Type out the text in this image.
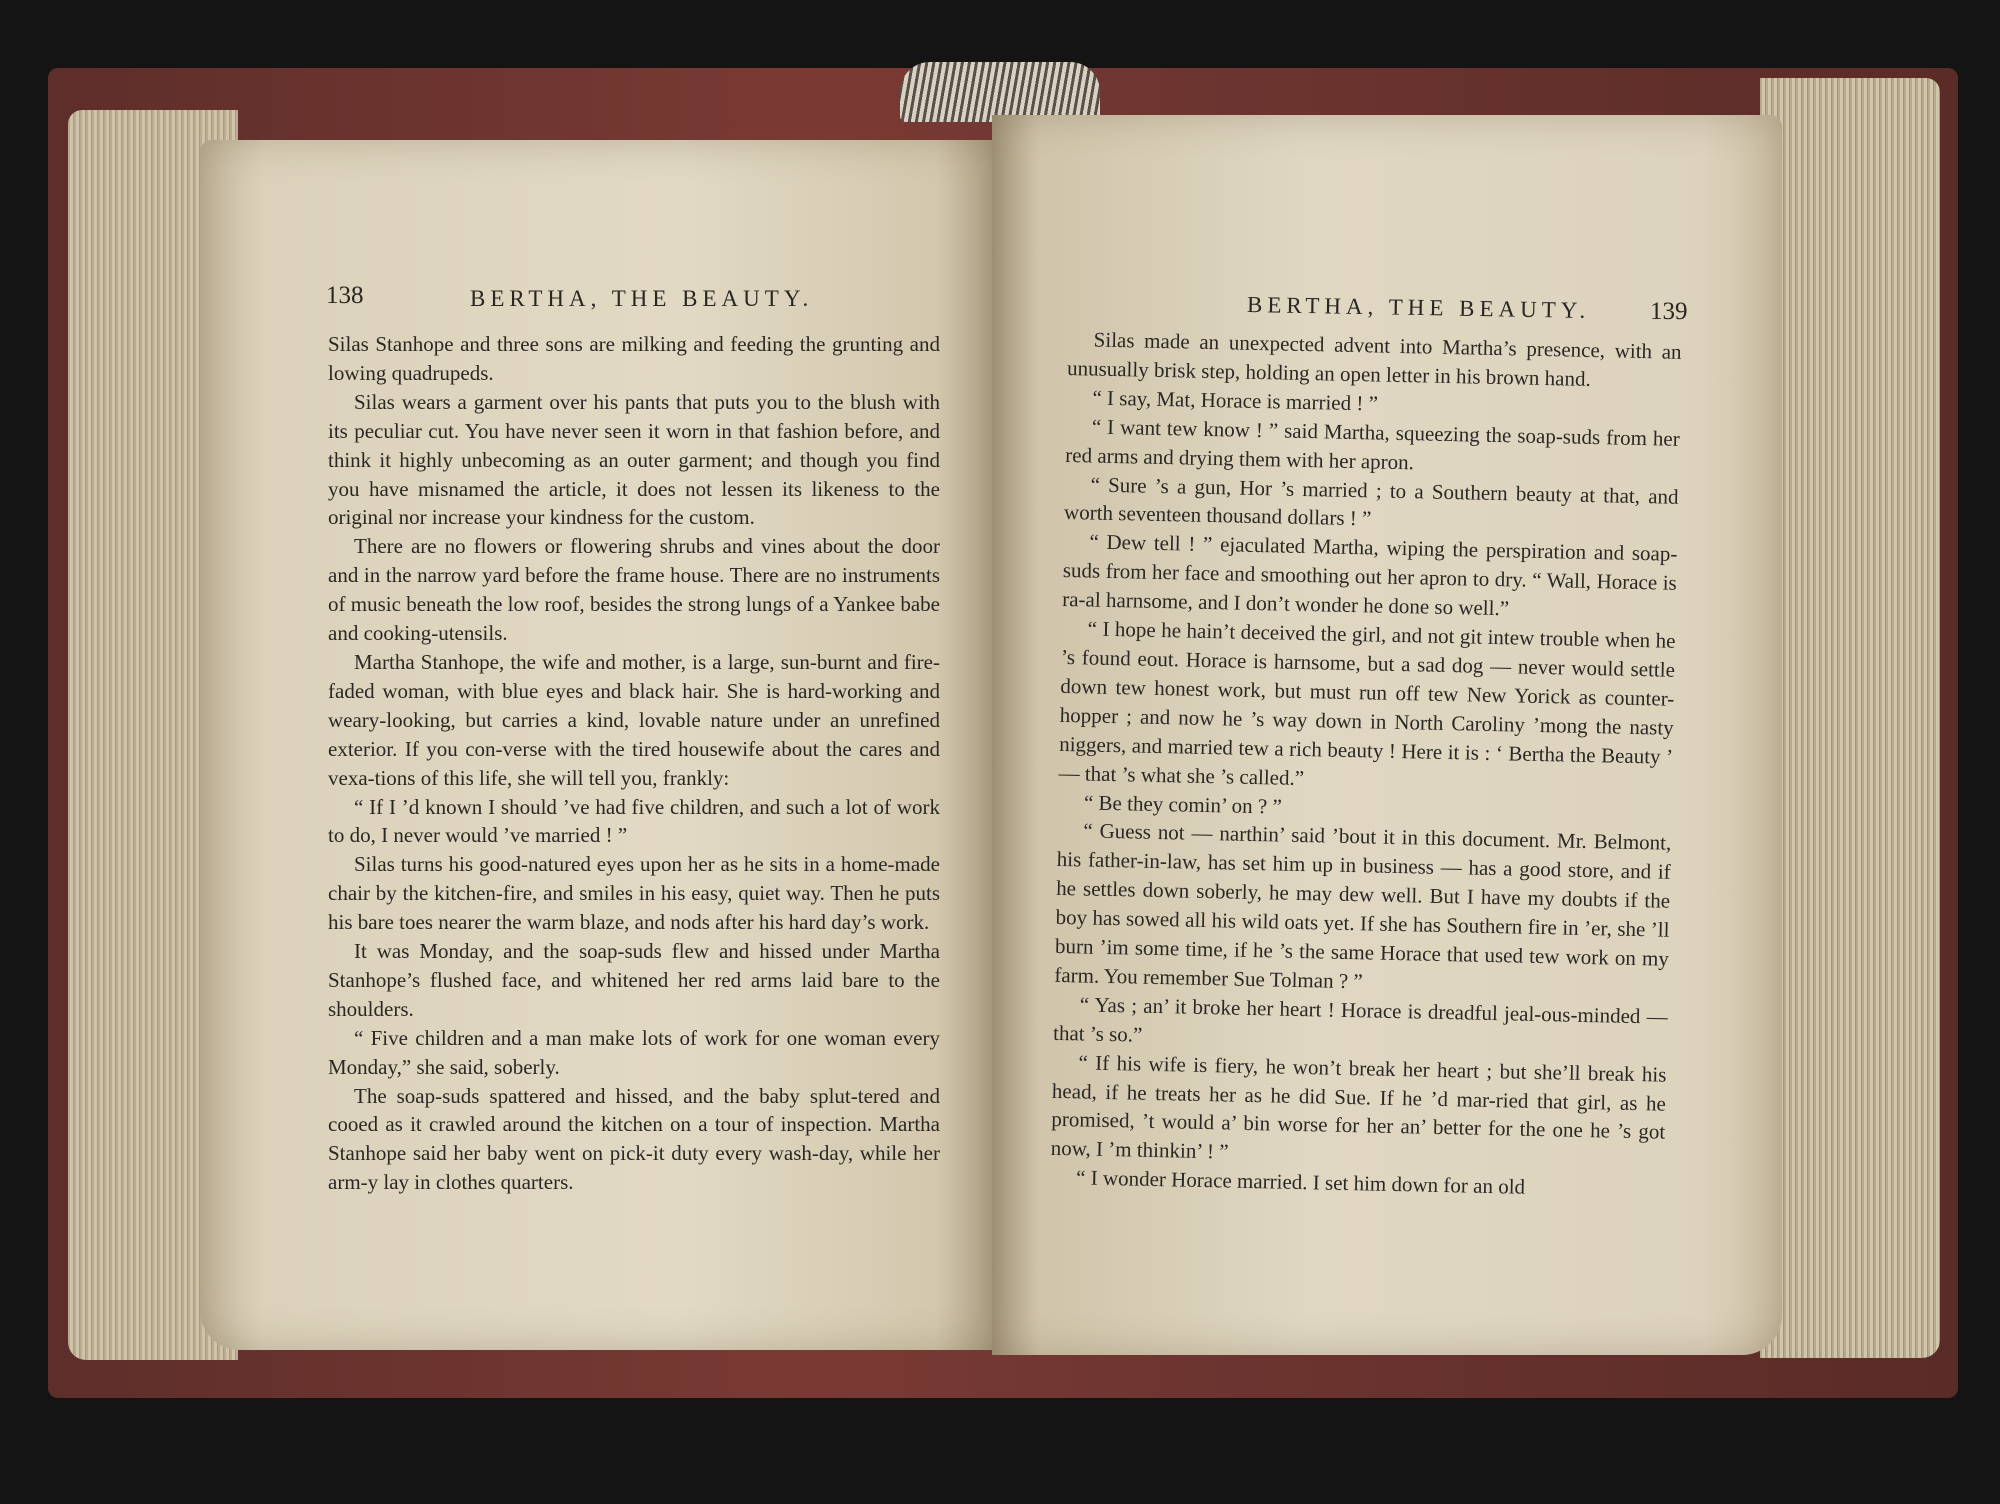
138	BERTHA, THE BEAUTY.

Silas Stanhope and three sons are milking and feeding the grunting and lowing quadrupeds.

Silas wears a garment over his pants that puts you to the blush with its peculiar cut. You have never seen it worn in that fashion before, and think it highly unbecoming as an outer garment; and though you find you have misnamed the article, it does not lessen its likeness to the original nor increase your kindness for the custom.

There are no flowers or flowering shrubs and vines about the door and in the narrow yard before the frame house. There are no instruments of music beneath the low roof, besides the strong lungs of a Yankee babe and cooking-utensils.

Martha Stanhope, the wife and mother, is a large, sun-burnt and fire-faded woman, with blue eyes and black hair. She is hard-working and weary-looking, but carries a kind, lovable nature under an unrefined exterior. If you con-verse with the tired housewife about the cares and vexa-tions of this life, she will tell you, frankly:

“ If I ’d known I should ’ve had five children, and such a lot of work to do, I never would ’ve married ! ”

Silas turns his good-natured eyes upon her as he sits in a home-made chair by the kitchen-fire, and smiles in his easy, quiet way. Then he puts his bare toes nearer the warm blaze, and nods after his hard day’s work.

It was Monday, and the soap-suds flew and hissed under Martha Stanhope’s flushed face, and whitened her red arms laid bare to the shoulders.

“ Five children and a man make lots of work for one woman every Monday,” she said, soberly.

The soap-suds spattered and hissed, and the baby splut-tered and cooed as it crawled around the kitchen on a tour of inspection. Martha Stanhope said her baby went on pick-it duty every wash-day, while her arm-y lay in clothes quarters.

BERTHA, THE BEAUTY. 139

Silas made an unexpected advent into Martha’s presence, with an unusually brisk step, holding an open letter in his brown hand.

“ I say, Mat, Horace is married ! ”

“ I want tew know ! ” said Martha, squeezing the soap-suds from her red arms and drying them with her apron.

“ Sure ’s a gun, Hor ’s married ; to a Southern beauty at that, and worth seventeen thousand dollars ! ”

“ Dew tell ! ” ejaculated Martha, wiping the perspiration and soap-suds from her face and smoothing out her apron to dry. “ Wall, Horace is ra-al harnsome, and I don’t wonder he done so well.”

“ I hope he hain’t deceived the girl, and not git intew trouble when he ’s found eout. Horace is harnsome, but a sad dog — never would settle down tew honest work, but must run off tew New Yorick as counter-hopper ; and now he ’s way down in North Caroliny ’mong the nasty niggers, and married tew a rich beauty ! Here it is : ‘ Bertha the Beauty ’ — that ’s what she ’s called.”

“ Be they comin’ on ? ”

“ Guess not — narthin’ said ’bout it in this document. Mr. Belmont, his father-in-law, has set him up in business — has a good store, and if he settles down soberly, he may dew well. But I have my doubts if the boy has sowed all his wild oats yet. If she has Southern fire in ’er, she ’ll burn ’im some time, if he ’s the same Horace that used tew work on my farm. You remember Sue Tolman ? ”

“ Yas ; an’ it broke her heart ! Horace is dreadful jeal-ous-minded — that ’s so.”

“ If his wife is fiery, he won’t break her heart ; but she’ll break his head, if he treats her as he did Sue. If he ’d mar-ried that girl, as he promised, ’t would a’ bin worse for her an’ better for the one he ’s got now, I ’m thinkin’ ! ”

“ I wonder Horace married. I set him down for an old
